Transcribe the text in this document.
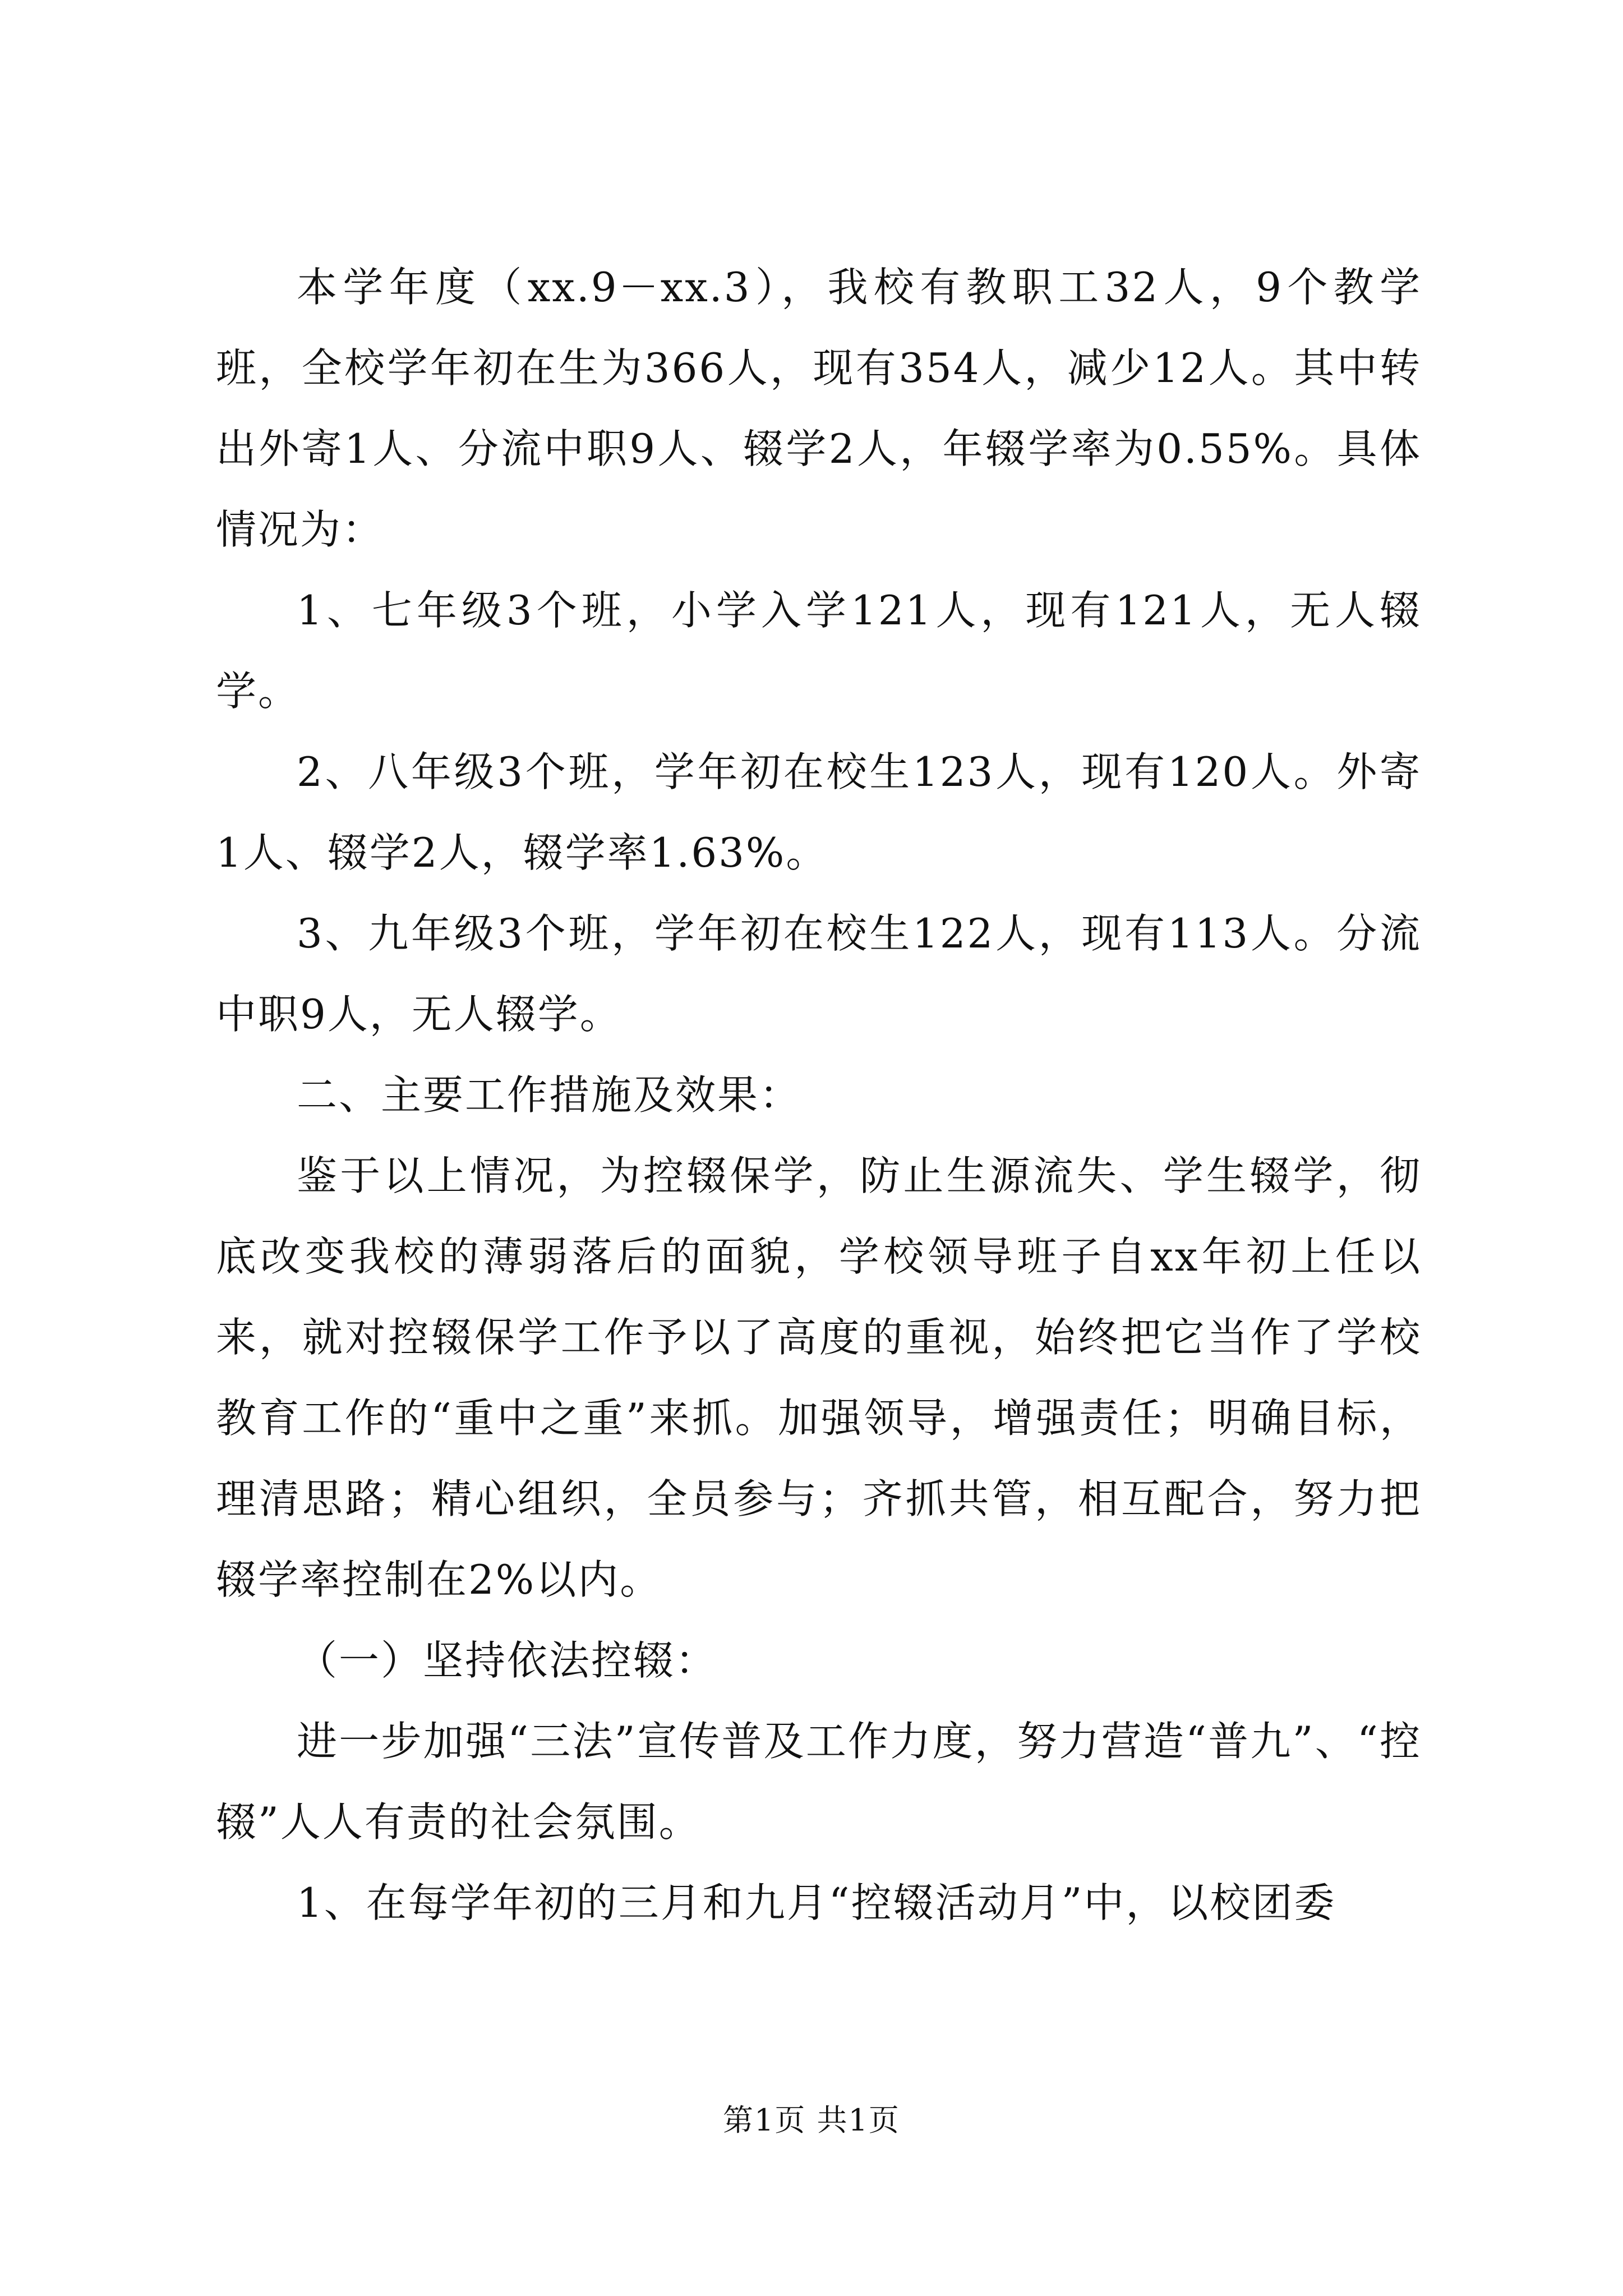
本学年度（xx.9－xx.3），我校有教职工32人，9个教学班，全校学年初在生为366人，现有354人，减少12人。其中转出外寄1人、分流中职9人、辍学2人，年辍学率为0.55%。具体情况为：

1、七年级3个班，小学入学121人，现有121人，无人辍学。

2、八年级3个班，学年初在校生123人，现有120人。外寄1人、辍学2人，辍学率1.63%。

3、九年级3个班，学年初在校生122人，现有113人。分流中职9人，无人辍学。

二、主要工作措施及效果：

鉴于以上情况，为控辍保学，防止生源流失、学生辍学，彻底改变我校的薄弱落后的面貌，学校领导班子自xx年初上任以来，就对控辍保学工作予以了高度的重视，始终把它当作了学校教育工作的“重中之重”来抓。加强领导，增强责任；明确目标，理清思路；精心组织，全员参与；齐抓共管，相互配合，努力把辍学率控制在2%以内。

（一）坚持依法控辍：

进一步加强“三法”宣传普及工作力度，努力营造“普九”、“控辍”人人有责的社会氛围。

1、在每学年初的三月和九月“控辍活动月”中，以校团委

第1页 共1页
